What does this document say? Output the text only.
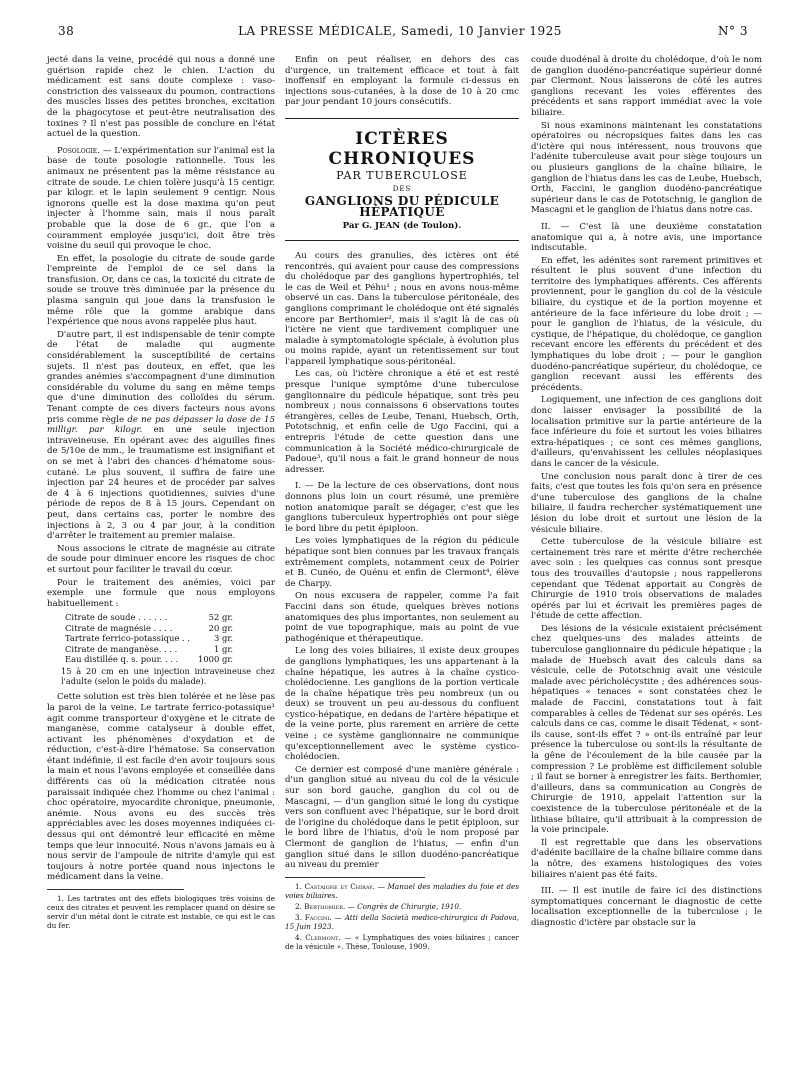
38	LA PRESSE MÉDICALE, Samedi, 10 Janvier 1925	N° 3

jecté dans la veine, procédé qui nous a donné une guérison rapide chez le chien. L'action du médicament est sans doute complexe : vaso-constriction des vaisseaux du poumon, contractions des muscles lisses des petites bronches, excitation de la phagocytose et peut-être neutralisation des toxines ? Il n'est pas possible de conclure en l'état actuel de la question.

Posologie. — L'expérimentation sur l'animal est la base de toute posologie rationnelle. Tous les animaux ne présentent pas la même résistance au citrate de soude. Le chien tolère jusqu'à 15 centigr. par kilogr. et le lapin seulement 9 centigr. Nous ignorons quelle est la dose maxima qu'on peut injecter à l'homme sain, mais il nous paraît probable que la dose de 6 gr., que l'on a couramment employée jusqu'ici, doit être très voisine du seuil qui provoque le choc.

En effet, la posologie du citrate de soude garde l'empreinte de l'emploi de ce sel dans la transfusion. Or, dans ce cas, la toxicité du citrate de soude se trouve très diminuée par la présence du plasma sanguin qui joue dans la transfusion le même rôle que la gomme arabique dans l'expérience que nous avons rappelée plus haut.

D'autre part, il est indispensable de tenir compte de l'état de maladie qui augmente considérablement la susceptibilité de certains sujets. Il n'est pas douteux, en effet, que les grandes anémies s'accompagnent d'une diminution considérable du volume du sang en même temps que d'une diminution des colloïdes du sérum. Tenant compte de ces divers facteurs nous avons pris comme règle de ne pas dépasser la dose de 15 milligr. par kilogr. en une seule injection intraveineuse. En opérant avec des aiguilles fines de 5/10e de mm., le traumatisme est insignifiant et on se met à l'abri des chances d'hématome sous-cutané. Le plus souvent, il suffira de faire une injection par 24 heures et de procéder par salves de 4 à 6 injections quotidiennes, suivies d'une période de repos de 8 à 15 jours. Cependant on peut, dans certains cas, porter le nombre des injections à 2, 3 ou 4 par jour, à la condition d'arrêter le traitement au premier malaise.

Nous associons le citrate de magnésie au citrate de soude pour diminuer encore les risques de choc et surtout pour faciliter le travail du cœur.

Pour le traitement des anémies, voici par exemple une formule que nous employons habituellement :

Citrate de soude . . . . . .	52 gr.
Citrate de magnésie . . . .	20 gr.
Tartrate ferrico-potassique . .	3 gr.
Citrate de manganèse. . . .	1 gr.
Eau distillée q. s. pour. . . .	1000 gr.
15 à 20 cm en une injection intraveineuse chez l'adulte (selon le poids du malade).

Cette solution est très bien tolérée et ne lèse pas la paroi de la veine. Le tartrate ferrico-potassique¹ agit comme transporteur d'oxygène et le citrate de manganèse, comme catalyseur à double effet, activant les phénomènes d'oxydation et de réduction, c'est-à-dire l'hématose. Sa conservation étant indéfinie, il est facile d'en avoir toujours sous la main et nous l'avons employée et conseillée dans différents cas où la médication citratée nous paraissait indiquée chez l'homme ou chez l'animal : choc opératoire, myocardite chronique, pneumonie, anémie. Nous avons eu des succès très appréciables avec les doses moyennes indiquées ci-dessus qui ont démontré leur efficacité en même temps que leur innocuité. Nous n'avons jamais eu à nous servir de l'ampoule de nitrite d'amyle qui est toujours à notre portée quand nous injectons le médicament dans la veine.

1. Les tartrates ont des effets biologiques très voisins de ceux des citrates et peuvent les remplacer quand on désire se servir d'un métal dont le citrate est instable, ce qui est le cas du fer.

Enfin on peut réaliser, en dehors des cas d'urgence, un traitement efficace et tout à fait inoffensif en employant la formule ci-dessus en injections sous-cutanées, à la dose de 10 à 20 cmc par jour pendant 10 jours consécutifs.

ICTÈRES CHRONIQUES
PAR TUBERCULOSE
DES
GANGLIONS DU PÉDICULE HÉPATIQUE
Par G. JEAN (de Toulon).

Au cours des granulies, des ictères ont été rencontrés, qui avaient pour cause des compressions du cholédoque par des ganglions hypertrophiés, tel le cas de Weil et Péhu¹ ; nous en avons nous-même observé un cas. Dans la tuberculose péritonéale, des ganglions comprimant le cholédoque ont été signalés encore par Berthomier², mais il s'agit là de cas où l'ictère ne vient que tardivement compliquer une maladie à symptomatologie spéciale, à évolution plus ou moins rapide, ayant un retentissement sur tout l'appareil lymphatique sous-péritonéal.

Les cas, où l'ictère chronique a été et est resté presque l'unique symptôme d'une tuberculose ganglionnaire du pédicule hépatique, sont très peu nombreux ; nous connaissons 6 observations toutes étrangères, celles de Leube, Tenani, Huebsch, Orth, Pototschnig, et enfin celle de Ugo Faccini, qui a entrepris l'étude de cette question dans une communication à la Société médico-chirurgicale de Padoue³, qu'il nous a fait le grand honneur de nous adresser.

I. — De la lecture de ces observations, dont nous donnons plus loin un court résumé, une première notion anatomique paraît se dégager, c'est que les ganglions tuberculeux hypertrophiés ont pour siège le bord libre du petit épiploon.

Les voies lymphatiques de la région du pédicule hépatique sont bien connues par les travaux français extrêmement complets, notamment ceux de Poirier et B. Cunéo, de Quénu et enfin de Clermont⁴, élève de Charpy.

On nous excusera de rappeler, comme l'a fait Faccini dans son étude, quelques brèves notions anatomiques des plus importantes, non seulement au point de vue topographique, mais au point de vue pathogénique et thérapeutique.

Le long des voies biliaires, il existe deux groupes de ganglions lymphatiques, les uns appartenant à la chaîne hépatique, les autres à la chaîne cystico-cholédocienne. Les ganglions de la portion verticale de la chaîne hépatique très peu nombreux (un ou deux) se trouvent un peu au-dessous du confluent cystico-hépatique, en dedans de l'artère hépatique et de la veine porte, plus rarement en arrière de cette veine ; ce système ganglionnaire ne communique qu'exceptionnellement avec le système cystico-cholédocien.

Ce dernier est composé d'une manière générale : d'un ganglion situé au niveau du col de la vésicule sur son bord gauche, ganglion du col ou de Mascagni, — d'un ganglion situé le long du cystique vers son confluent avec l'hépatique, sur le bord droit de l'origine du cholédoque dans le petit épiploon, sur le bord libre de l'hiatus, d'où le nom proposé par Clermont de ganglion de l'hiatus, — enfin d'un ganglion situé dans le sillon duodéno-pancréatique au niveau du premier

1. Castaigne et Chiray. — Manuel des maladies du foie et des voies biliaires.

2. Berthomier. — Congrès de Chirurgie, 1910.

3. Faccini. — Atti della Società medico-chirurgica di Padova, 15 Juin 1923.

4. Clermont. — « Lymphatiques des voies biliaires ; cancer de la vésicule ». Thèse, Toulouse, 1909.

coude duodénal à droite du cholédoque, d'où le nom de ganglion duodéno-pancréatique supérieur donné par Clermont. Nous laisserons de côté les autres ganglions recevant les voies efférentes des précédents et sans rapport immédiat avec la voie biliaire.

Si nous examinons maintenant les constatations opératoires ou nécropsiques faites dans les cas d'ictère qui nous intéressent, nous trouvons que l'adénite tuberculeuse avait pour siège toujours un ou plusieurs ganglions de la chaîne biliaire, le ganglion de l'hiatus dans les cas de Leube, Huebsch, Orth, Faccini, le ganglion duodéno-pancréatique supérieur dans le cas de Pototschnig, le ganglion de Mascagni et le ganglion de l'hiatus dans notre cas.

II. — C'est là une deuxième constatation anatomique qui a, à notre avis, une importance indiscutable.

En effet, les adénites sont rarement primitives et résultent le plus souvent d'une infection du territoire des lymphatiques afférents. Ces afférents proviennent, pour le ganglion du col de la vésicule biliaire, du cystique et de la portion moyenne et antérieure de la face inférieure du lobe droit ; — pour le ganglion de l'hiatus, de la vésicule, du cystique, de l'hépatique, du cholédoque, ce ganglion recevant encore les efférents du précédent et des lymphatiques du lobe droit ; — pour le ganglion duodéno-pancréatique supérieur, du cholédoque, ce ganglion recevant aussi les efférents des précédents.

Logiquement, une infection de ces ganglions doit donc laisser envisager la possibilité de la localisation primitive sur la partie antérieure de la face inférieure du foie et surtout les voies biliaires extra-hépatiques ; ce sont ces mêmes ganglions, d'ailleurs, qu'envahissent les cellules néoplasiques dans le cancer de la vésicule.

Une conclusion nous paraît donc à tirer de ces faits, c'est que toutes les fois qu'on sera en présence d'une tuberculose des ganglions de la chaîne biliaire, il faudra rechercher systématiquement une lésion du lobe droit et surtout une lésion de la vésicule biliaire.

Cette tuberculose de la vésicule biliaire est certainement très rare et mérite d'être recherchée avec soin : les quelques cas connus sont presque tous des trouvailles d'autopsie ; nous rappellerons cependant que Tédenat apportait au Congrès de Chirurgie de 1910 trois observations de malades opérés par lui et écrivait les premières pages de l'étude de cette affection.

Des lésions de la vésicule existaient précisément chez quelques-uns des malades atteints de tuberculose ganglionnaire du pédicule hépatique ; la malade de Huebsch avait des calculs dans sa vésicule, celle de Pototschnig avait une vésicule malade avec péricholécystite ; des adhérences sous-hépatiques « tenaces » sont constatées chez le malade de Faccini, constatations tout à fait comparables à celles de Tédenat sur ses opérés. Les calculs dans ce cas, comme le disait Tédenat, « sont-ils cause, sont-ils effet ? » ont-ils entraîné par leur présence la tuberculose ou sont-ils la résultante de la gêne de l'écoulement de la bile causée par la compression ? Le problème est difficilement soluble ; il faut se borner à enregistrer les faits. Berthomier, d'ailleurs, dans sa communication au Congrès de Chirurgie de 1910, appelait l'attention sur la coexistence de la tuberculose péritonéale et de la lithiase biliaire, qu'il attribuait à la compression de la voie principale.

Il est regrettable que dans les observations d'adénite bacillaire de la chaîne biliaire comme dans la nôtre, des examens histologiques des voies biliaires n'aient pas été faits.

III. — Il est inutile de faire ici des distinctions symptomatiques concernant le diagnostic de cette localisation exceptionnelle de la tuberculose ; le diagnostic d'ictère par obstacle sur la
